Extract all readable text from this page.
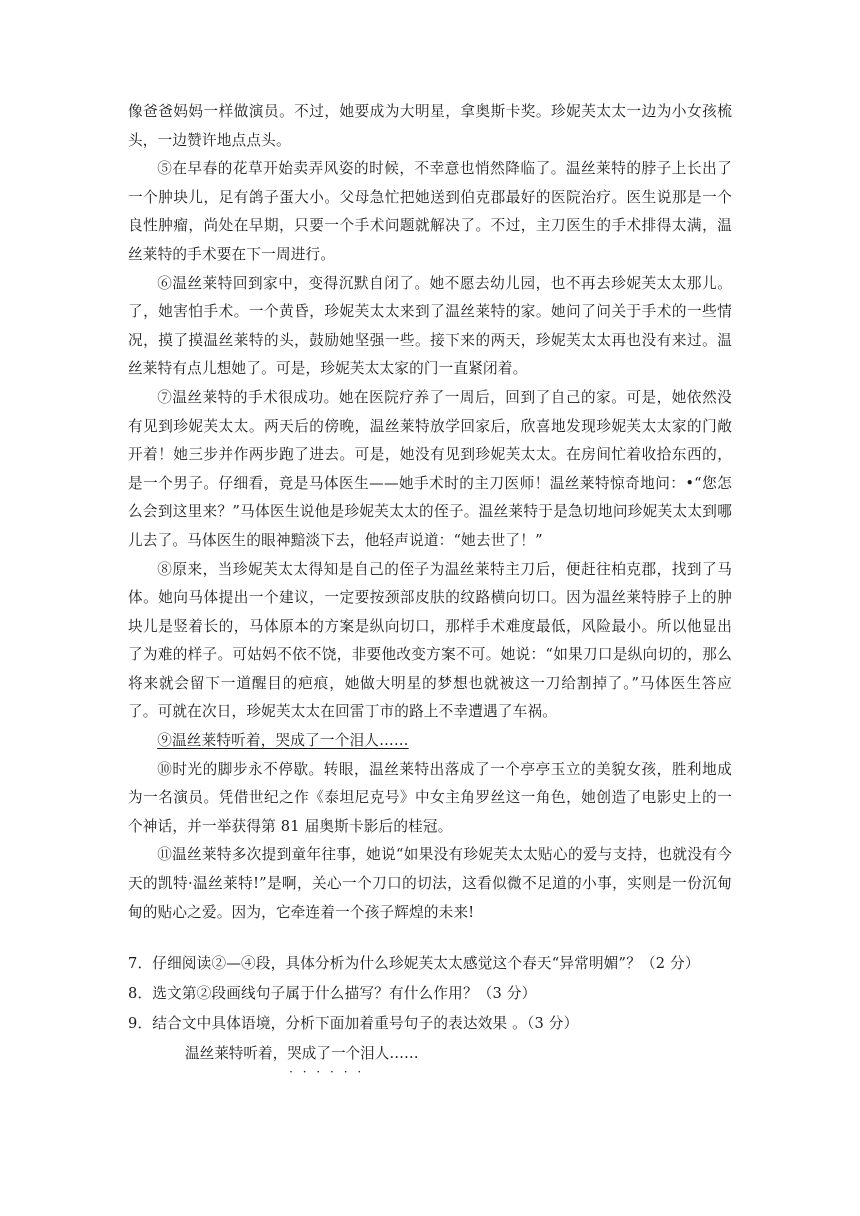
像爸爸妈妈一样做演员。不过，她要成为大明星，拿奥斯卡奖。珍妮芙太太一边为小女孩梳头，一边赞许地点点头。

⑤在早春的花草开始卖弄风姿的时候，不幸意也悄然降临了。温丝莱特的脖子上长出了一个肿块儿，足有鸽子蛋大小。父母急忙把她送到伯克郡最好的医院治疗。医生说那是一个良性肿瘤，尚处在早期，只要一个手术问题就解决了。不过，主刀医生的手术排得太满，温丝莱特的手术要在下一周进行。

⑥温丝莱特回到家中，变得沉默自闭了。她不愿去幼儿园，也不再去珍妮芙太太那儿。了，她害怕手术。一个黄昏，珍妮芙太太来到了温丝莱特的家。她问了问关于手术的一些情况，摸了摸温丝莱特的头，鼓励她坚强一些。接下来的两天，珍妮芙太太再也没有来过。温丝莱特有点儿想她了。可是，珍妮芙太太家的门一直紧闭着。

⑦温丝莱特的手术很成功。她在医院疗养了一周后，回到了自己的家。可是，她依然没有见到珍妮芙太太。两天后的傍晚，温丝莱特放学回家后，欣喜地发现珍妮芙太太家的门敞开着！她三步并作两步跑了进去。可是，她没有见到珍妮芙太太。在房间忙着收拾东西的，是一个男子。仔细看，竟是马体医生——她手术时的主刀医师！温丝莱特惊奇地问：•“您怎么会到这里来？”马体医生说他是珍妮芙太太的侄子。温丝莱特于是急切地问珍妮芙太太到哪儿去了。马体医生的眼神黯淡下去，他轻声说道：“她去世了！”

⑧原来，当珍妮芙太太得知是自己的侄子为温丝莱特主刀后，便赶往柏克郡，找到了马体。她向马体提出一个建议，一定要按颈部皮肤的纹路横向切口。因为温丝莱特脖子上的肿块儿是竖着长的，马体原本的方案是纵向切口，那样手术难度最低，风险最小。所以他显出了为难的样子。可姑妈不依不饶，非要他改变方案不可。她说：“如果刀口是纵向切的，那么将来就会留下一道醒目的疤痕，她做大明星的梦想也就被这一刀给割掉了。”马体医生答应了。可就在次日，珍妮芙太太在回雷丁市的路上不幸遭遇了车祸。

⑨温丝莱特听着，哭成了一个泪人……

⑩时光的脚步永不停歇。转眼，温丝莱特出落成了一个亭亭玉立的美貌女孩，胜利地成为一名演员。凭借世纪之作《泰坦尼克号》中女主角罗丝这一角色，她创造了电影史上的一个神话，并一举获得第 81 届奥斯卡影后的桂冠。

⑪温丝莱特多次提到童年往事，她说“如果没有珍妮芙太太贴心的爱与支持，也就没有今天的凯特·温丝莱特!”是啊，关心一个刀口的切法，这看似微不足道的小事，实则是一份沉甸甸的贴心之爱。因为，它牵连着一个孩子辉煌的未来!

7．仔细阅读②—④段，具体分析为什么珍妮芙太太感觉这个春天“异常明媚”？（2 分）

8．选文第②段画线句子属于什么描写？有什么作用？（3 分）

9．结合文中具体语境，分析下面加着重号句子的表达效果 。（3 分）

温丝莱特听着，哭成了一个泪人 · · ·……
